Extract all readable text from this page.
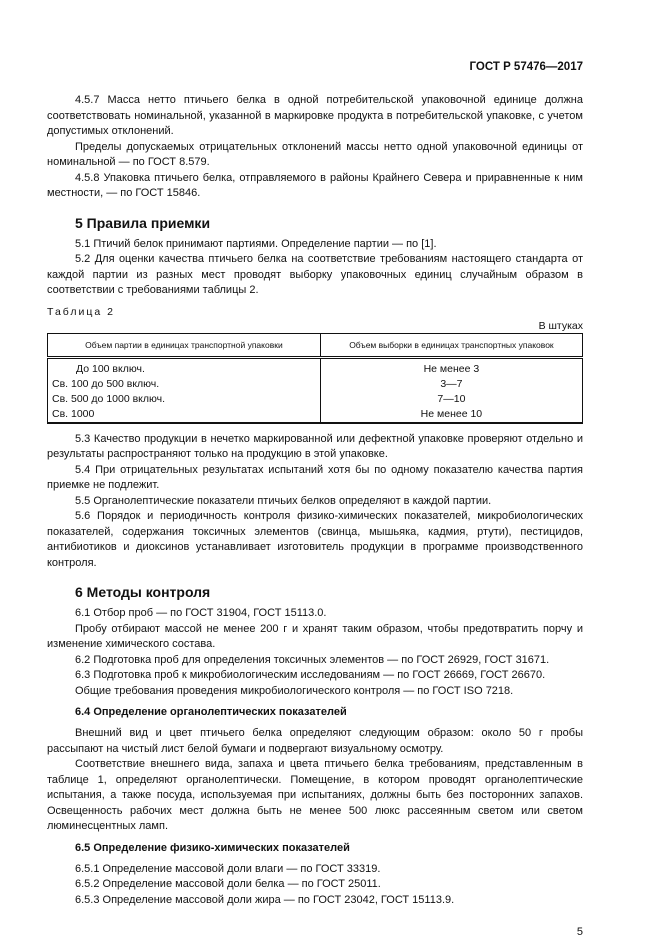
ГОСТ Р 57476—2017

4.5.7 Масса нетто птичьего белка в одной потребительской упаковочной единице должна соответствовать номинальной, указанной в маркировке продукта в потребительской упаковке, с учетом допустимых отклонений.

Пределы допускаемых отрицательных отклонений массы нетто одной упаковочной единицы от номинальной — по ГОСТ 8.579.

4.5.8 Упаковка птичьего белка, отправляемого в районы Крайнего Севера и приравненные к ним местности, — по ГОСТ 15846.

5 Правила приемки

5.1 Птичий белок принимают партиями. Определение партии — по [1].

5.2 Для оценки качества птичьего белка на соответствие требованиям настоящего стандарта от каждой партии из разных мест проводят выборку упаковочных единиц случайным образом в соответствии с требованиями таблицы 2.

Таблица 2
В штуках
Объем партии в единицах транспортной упаковки	Объем выборки в единицах транспортных упаковок
До 100 включ.	Не менее 3
Св. 100 до 500 включ.	3—7
Св. 500 до 1000 включ.	7—10
Св. 1000	Не менее 10

5.3 Качество продукции в нечетко маркированной или дефектной упаковке проверяют отдельно и результаты распространяют только на продукцию в этой упаковке.

5.4 При отрицательных результатах испытаний хотя бы по одному показателю качества партия приемке не подлежит.

5.5 Органолептические показатели птичьих белков определяют в каждой партии.

5.6 Порядок и периодичность контроля физико-химических показателей, микробиологических показателей, содержания токсичных элементов (свинца, мышьяка, кадмия, ртути), пестицидов, антибиотиков и диоксинов устанавливает изготовитель продукции в программе производственного контроля.

6 Методы контроля

6.1 Отбор проб — по ГОСТ 31904, ГОСТ 15113.0.

Пробу отбирают массой не менее 200 г и хранят таким образом, чтобы предотвратить порчу и изменение химического состава.

6.2 Подготовка проб для определения токсичных элементов — по ГОСТ 26929, ГОСТ 31671.

6.3 Подготовка проб к микробиологическим исследованиям — по ГОСТ 26669, ГОСТ 26670.

Общие требования проведения микробиологического контроля — по ГОСТ ISO 7218.

6.4 Определение органолептических показателей

Внешний вид и цвет птичьего белка определяют следующим образом: около 50 г пробы рассыпают на чистый лист белой бумаги и подвергают визуальному осмотру.

Соответствие внешнего вида, запаха и цвета птичьего белка требованиям, представленным в таблице 1, определяют органолептически. Помещение, в котором проводят органолептические испытания, а также посуда, используемая при испытаниях, должны быть без посторонних запахов. Освещенность рабочих мест должна быть не менее 500 люкс рассеянным светом или светом люминесцентных ламп.

6.5 Определение физико-химических показателей

6.5.1 Определение массовой доли влаги — по ГОСТ 33319.

6.5.2 Определение массовой доли белка — по ГОСТ 25011.

6.5.3 Определение массовой доли жира — по ГОСТ 23042, ГОСТ 15113.9.

5
